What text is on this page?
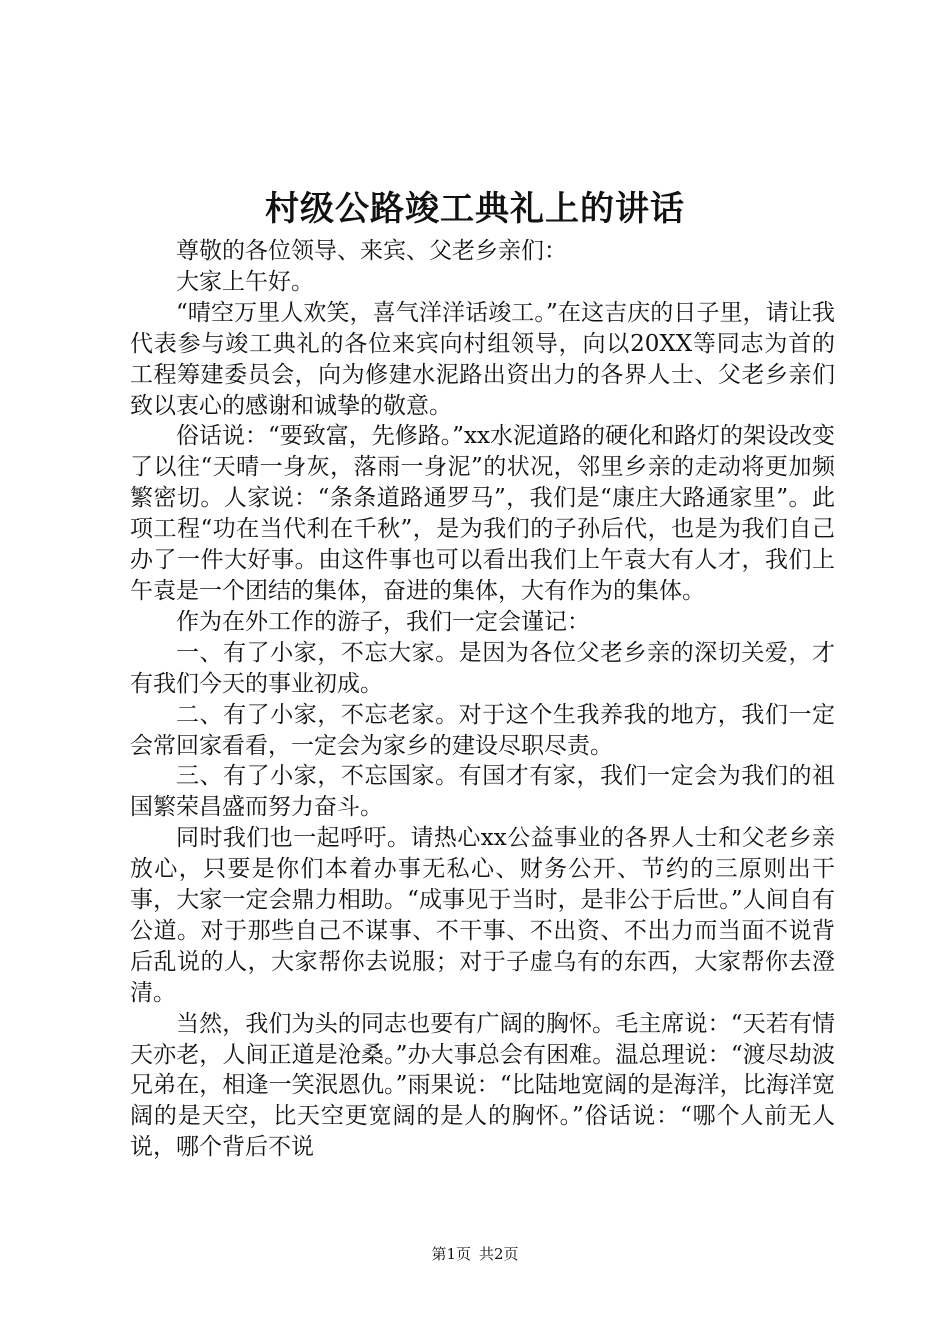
村级公路竣工典礼上的讲话

尊敬的各位领导、来宾、父老乡亲们：

大家上午好。

“晴空万里人欢笑，喜气洋洋话竣工。”在这吉庆的日子里，请让我代表参与竣工典礼的各位来宾向村组领导，向以20XX等同志为首的工程筹建委员会，向为修建水泥路出资出力的各界人士、父老乡亲们致以衷心的感谢和诚挚的敬意。

俗话说：“要致富，先修路。”xx水泥道路的硬化和路灯的架设改变了以往“天晴一身灰，落雨一身泥”的状况，邻里乡亲的走动将更加频繁密切。人家说：“条条道路通罗马”，我们是“康庄大路通家里”。此项工程“功在当代利在千秋”，是为我们的子孙后代，也是为我们自己办了一件大好事。由这件事也可以看出我们上午袁大有人才，我们上午袁是一个团结的集体，奋进的集体，大有作为的集体。

作为在外工作的游子，我们一定会谨记：

一、有了小家，不忘大家。是因为各位父老乡亲的深切关爱，才有我们今天的事业初成。

二、有了小家，不忘老家。对于这个生我养我的地方，我们一定会常回家看看，一定会为家乡的建设尽职尽责。

三、有了小家，不忘国家。有国才有家，我们一定会为我们的祖国繁荣昌盛而努力奋斗。

同时我们也一起呼吁。请热心xx公益事业的各界人士和父老乡亲放心，只要是你们本着办事无私心、财务公开、节约的三原则出干事，大家一定会鼎力相助。“成事见于当时，是非公于后世。”人间自有公道。对于那些自己不谋事、不干事、不出资、不出力而当面不说背后乱说的人，大家帮你去说服；对于子虚乌有的东西，大家帮你去澄清。

当然，我们为头的同志也要有广阔的胸怀。毛主席说：“天若有情天亦老，人间正道是沧桑。”办大事总会有困难。温总理说：“渡尽劫波兄弟在，相逢一笑泯恩仇。”雨果说：“比陆地宽阔的是海洋，比海洋宽阔的是天空，比天空更宽阔的是人的胸怀。”俗话说：“哪个人前无人说，哪个背后不说

第1页 共2页
